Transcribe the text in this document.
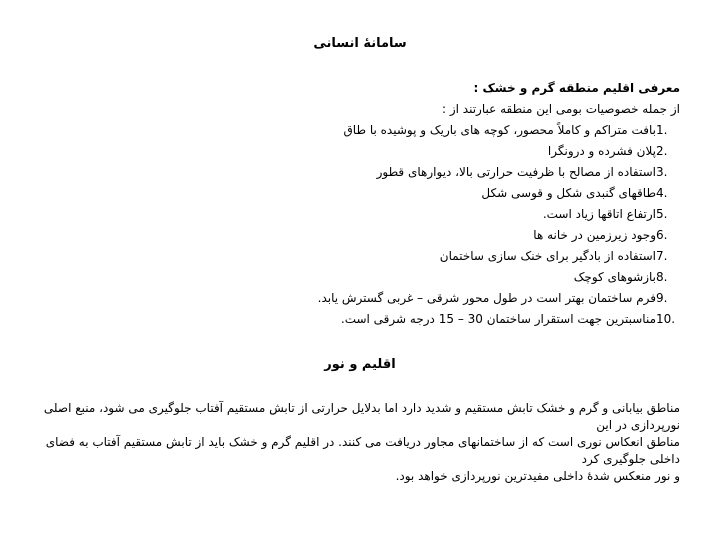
سامانهٔ انسانی
معرفی اقلیم منطقه گرم و خشک :
از جمله خصوصیات بومی این منطقه عبارتند از :
1.
بافت متراکم و کاملاً محصور، کوچه های باریک و پوشیده با طاق
2.
پلان فشرده و درونگرا
3.
استفاده از مصالح با ظرفیت حرارتی بالا، دیوارهای قطور
4.
طاقهای گنبدی شکل و قوسی شکل
5.
ارتفاع اتاقها زیاد است.
6.
وجود زیرزمین در خانه ها
7.
استفاده از بادگیر برای خنک سازی ساختمان
8.
بازشوهای کوچک
9.
فرم ساختمان بهتر است در طول محور شرقی – غربی گسترش یابد.
10.
مناسبترین جهت استقرار ساختمان 30 – 15 درجه شرقی است.
اقلیم و نور

مناطق بیابانی و گرم و خشک تابش مستقیم و شدید دارد اما بدلایل حرارتی از تابش مستقیم آفتاب جلوگیری می شود، منبع اصلی نورپردازی در این

مناطق انعکاس نوری است که از ساختمانهای مجاور دریافت می کنند. در اقلیم گرم و خشک باید از تابش مستقیم آفتاب به فضای داخلی جلوگیری کرد

و نور منعکس شدهٔ داخلی مفیدترین نورپردازی خواهد بود.
